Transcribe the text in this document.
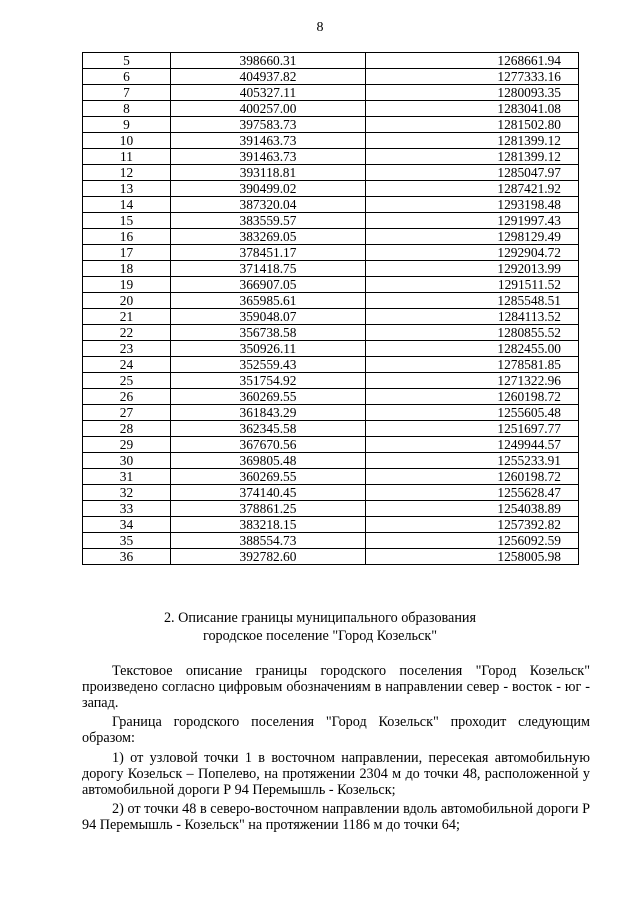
8
5	398660.31	1268661.94
6	404937.82	1277333.16
7	405327.11	1280093.35
8	400257.00	1283041.08
9	397583.73	1281502.80
10	391463.73	1281399.12
11	391463.73	1281399.12
12	393118.81	1285047.97
13	390499.02	1287421.92
14	387320.04	1293198.48
15	383559.57	1291997.43
16	383269.05	1298129.49
17	378451.17	1292904.72
18	371418.75	1292013.99
19	366907.05	1291511.52
20	365985.61	1285548.51
21	359048.07	1284113.52
22	356738.58	1280855.52
23	350926.11	1282455.00
24	352559.43	1278581.85
25	351754.92	1271322.96
26	360269.55	1260198.72
27	361843.29	1255605.48
28	362345.58	1251697.77
29	367670.56	1249944.57
30	369805.48	1255233.91
31	360269.55	1260198.72
32	374140.45	1255628.47
33	378861.25	1254038.89
34	383218.15	1257392.82
35	388554.73	1256092.59
36	392782.60	1258005.98
2. Описание границы муниципального образования
городское поселение "Город Козельск"

Текстовое описание границы городского поселения "Город Козельск" произведено согласно цифровым обозначениям в направлении север - восток - юг - запад.

Граница городского поселения "Город Козельск" проходит следующим образом:

1) от узловой точки 1 в восточном направлении, пересекая автомобильную дорогу Козельск – Попелево, на протяжении 2304 м до точки 48, расположенной у автомобильной дороги Р 94 Перемышль - Козельск;

2) от точки 48 в северо-восточном направлении вдоль автомобильной дороги Р 94 Перемышль - Козельск" на протяжении 1186 м до точки 64;
